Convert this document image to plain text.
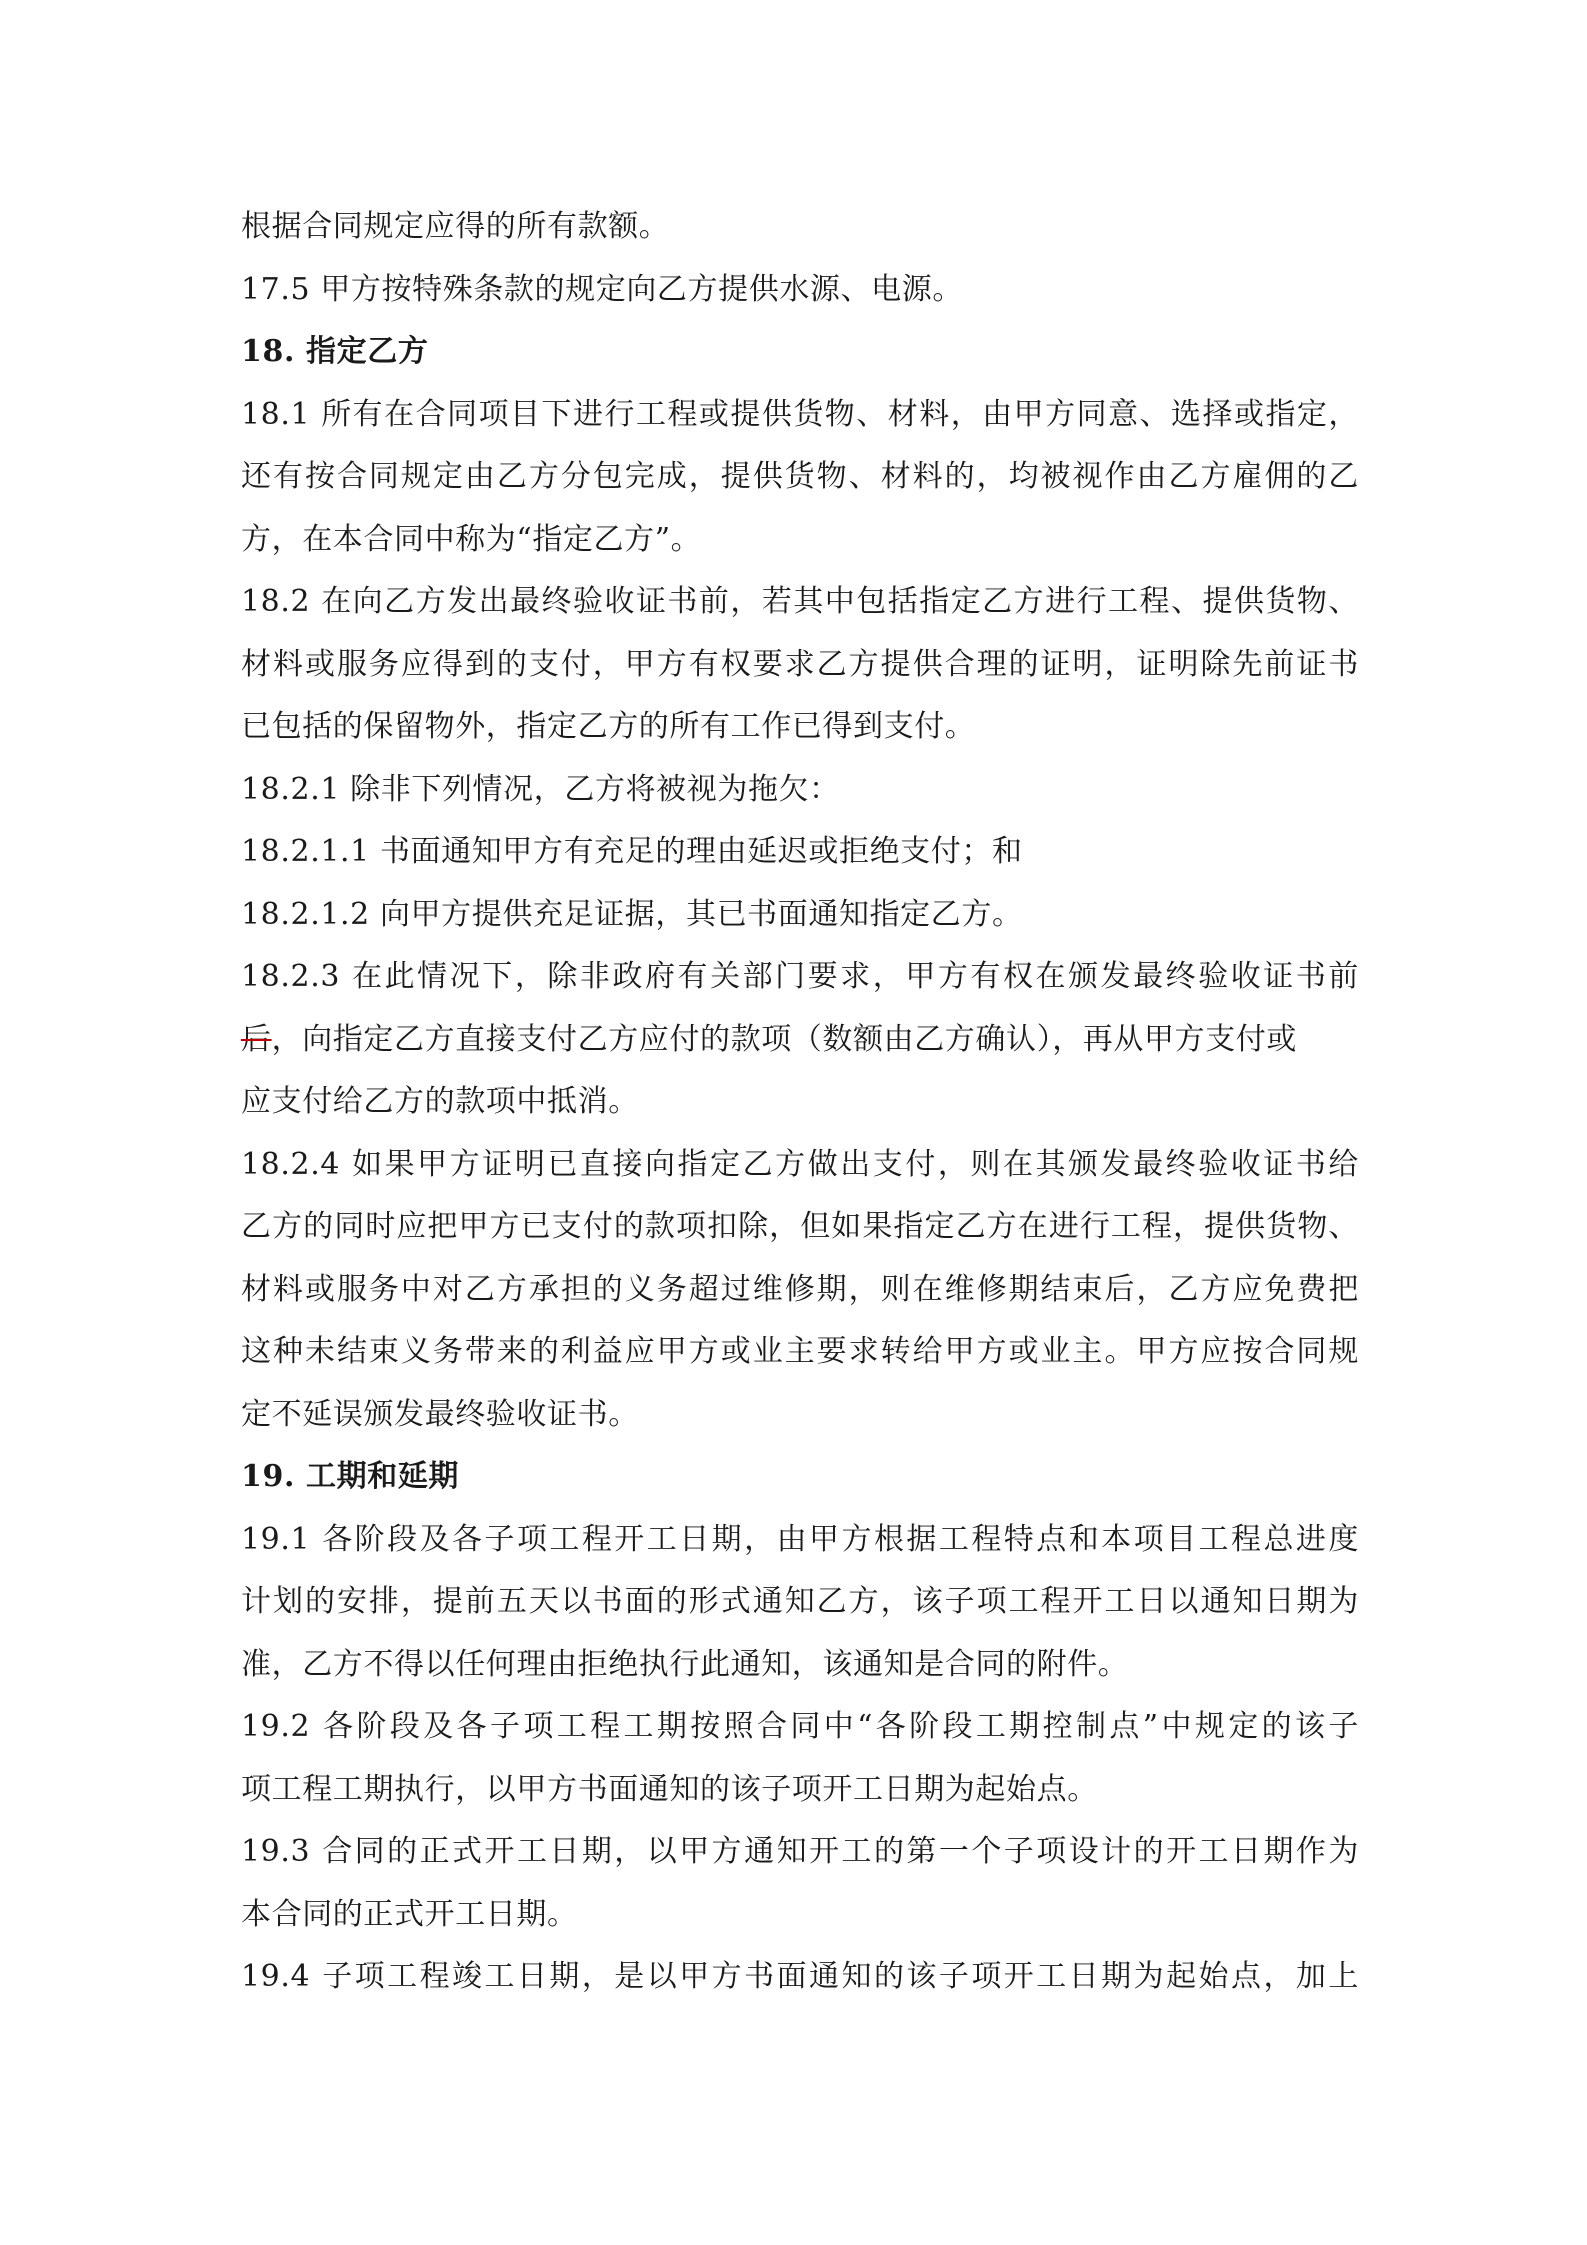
根据合同规定应得的所有款额。
17.5 甲方按特殊条款的规定向乙方提供水源、电源。
18. 指定乙方
18.1 所有在合同项目下进行工程或提供货物、材料，由甲方同意、选择或指定，
还有按合同规定由乙方分包完成，提供货物、材料的，均被视作由乙方雇佣的乙
方，在本合同中称为“指定乙方”。
18.2 在向乙方发出最终验收证书前，若其中包括指定乙方进行工程、提供货物、
材料或服务应得到的支付，甲方有权要求乙方提供合理的证明，证明除先前证书
已包括的保留物外，指定乙方的所有工作已得到支付。
18.2.1 除非下列情况，乙方将被视为拖欠：
18.2.1.1 书面通知甲方有充足的理由延迟或拒绝支付；和
18.2.1.2 向甲方提供充足证据，其已书面通知指定乙方。
18.2.3 在此情况下，除非政府有关部门要求，甲方有权在颁发最终验收证书前
后，向指定乙方直接支付乙方应付的款项（数额由乙方确认），再从甲方支付或
应支付给乙方的款项中抵消。
18.2.4 如果甲方证明已直接向指定乙方做出支付，则在其颁发最终验收证书给
乙方的同时应把甲方已支付的款项扣除，但如果指定乙方在进行工程，提供货物、
材料或服务中对乙方承担的义务超过维修期，则在维修期结束后，乙方应免费把
这种未结束义务带来的利益应甲方或业主要求转给甲方或业主。甲方应按合同规
定不延误颁发最终验收证书。
19. 工期和延期
19.1 各阶段及各子项工程开工日期，由甲方根据工程特点和本项目工程总进度
计划的安排，提前五天以书面的形式通知乙方，该子项工程开工日以通知日期为
准，乙方不得以任何理由拒绝执行此通知，该通知是合同的附件。
19.2 各阶段及各子项工程工期按照合同中“各阶段工期控制点”中规定的该子
项工程工期执行，以甲方书面通知的该子项开工日期为起始点。
19.3 合同的正式开工日期，以甲方通知开工的第一个子项设计的开工日期作为
本合同的正式开工日期。
19.4 子项工程竣工日期，是以甲方书面通知的该子项开工日期为起始点，加上
